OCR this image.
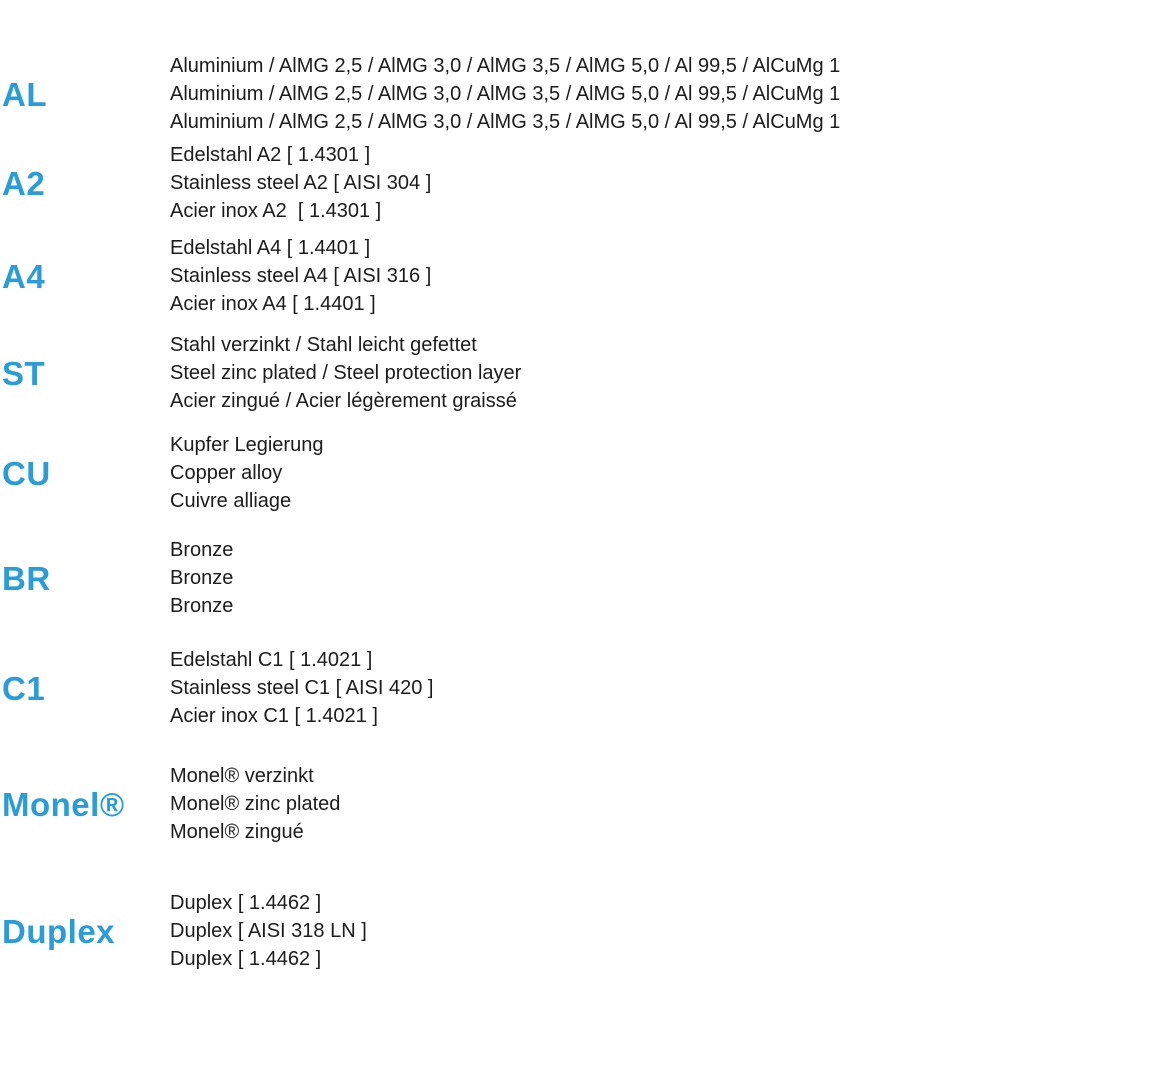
AL
Aluminium / AlMG 2,5 / AlMG 3,0 / AlMG 3,5 / AlMG 5,0 / Al 99,5 / AlCuMg 1
Aluminium / AlMG 2,5 / AlMG 3,0 / AlMG 3,5 / AlMG 5,0 / Al 99,5 / AlCuMg 1
Aluminium / AlMG 2,5 / AlMG 3,0 / AlMG 3,5 / AlMG 5,0 / Al 99,5 / AlCuMg 1
A2
Edelstahl A2 [ 1.4301 ]
Stainless steel A2 [ AISI 304 ]
Acier inox A2  [ 1.4301 ]
A4
Edelstahl A4 [ 1.4401 ]
Stainless steel A4 [ AISI 316 ]
Acier inox A4 [ 1.4401 ]
ST
Stahl verzinkt / Stahl leicht gefettet
Steel zinc plated / Steel protection layer
Acier zingué / Acier légèrement graissé
CU
Kupfer Legierung
Copper alloy
Cuivre alliage
BR
Bronze
Bronze
Bronze
C1
Edelstahl C1 [ 1.4021 ]
Stainless steel C1 [ AISI 420 ]
Acier inox C1 [ 1.4021 ]
Monel®
Monel® verzinkt
Monel® zinc plated
Monel® zingué
Duplex
Duplex [ 1.4462 ]
Duplex [ AISI 318 LN ]
Duplex [ 1.4462 ]
